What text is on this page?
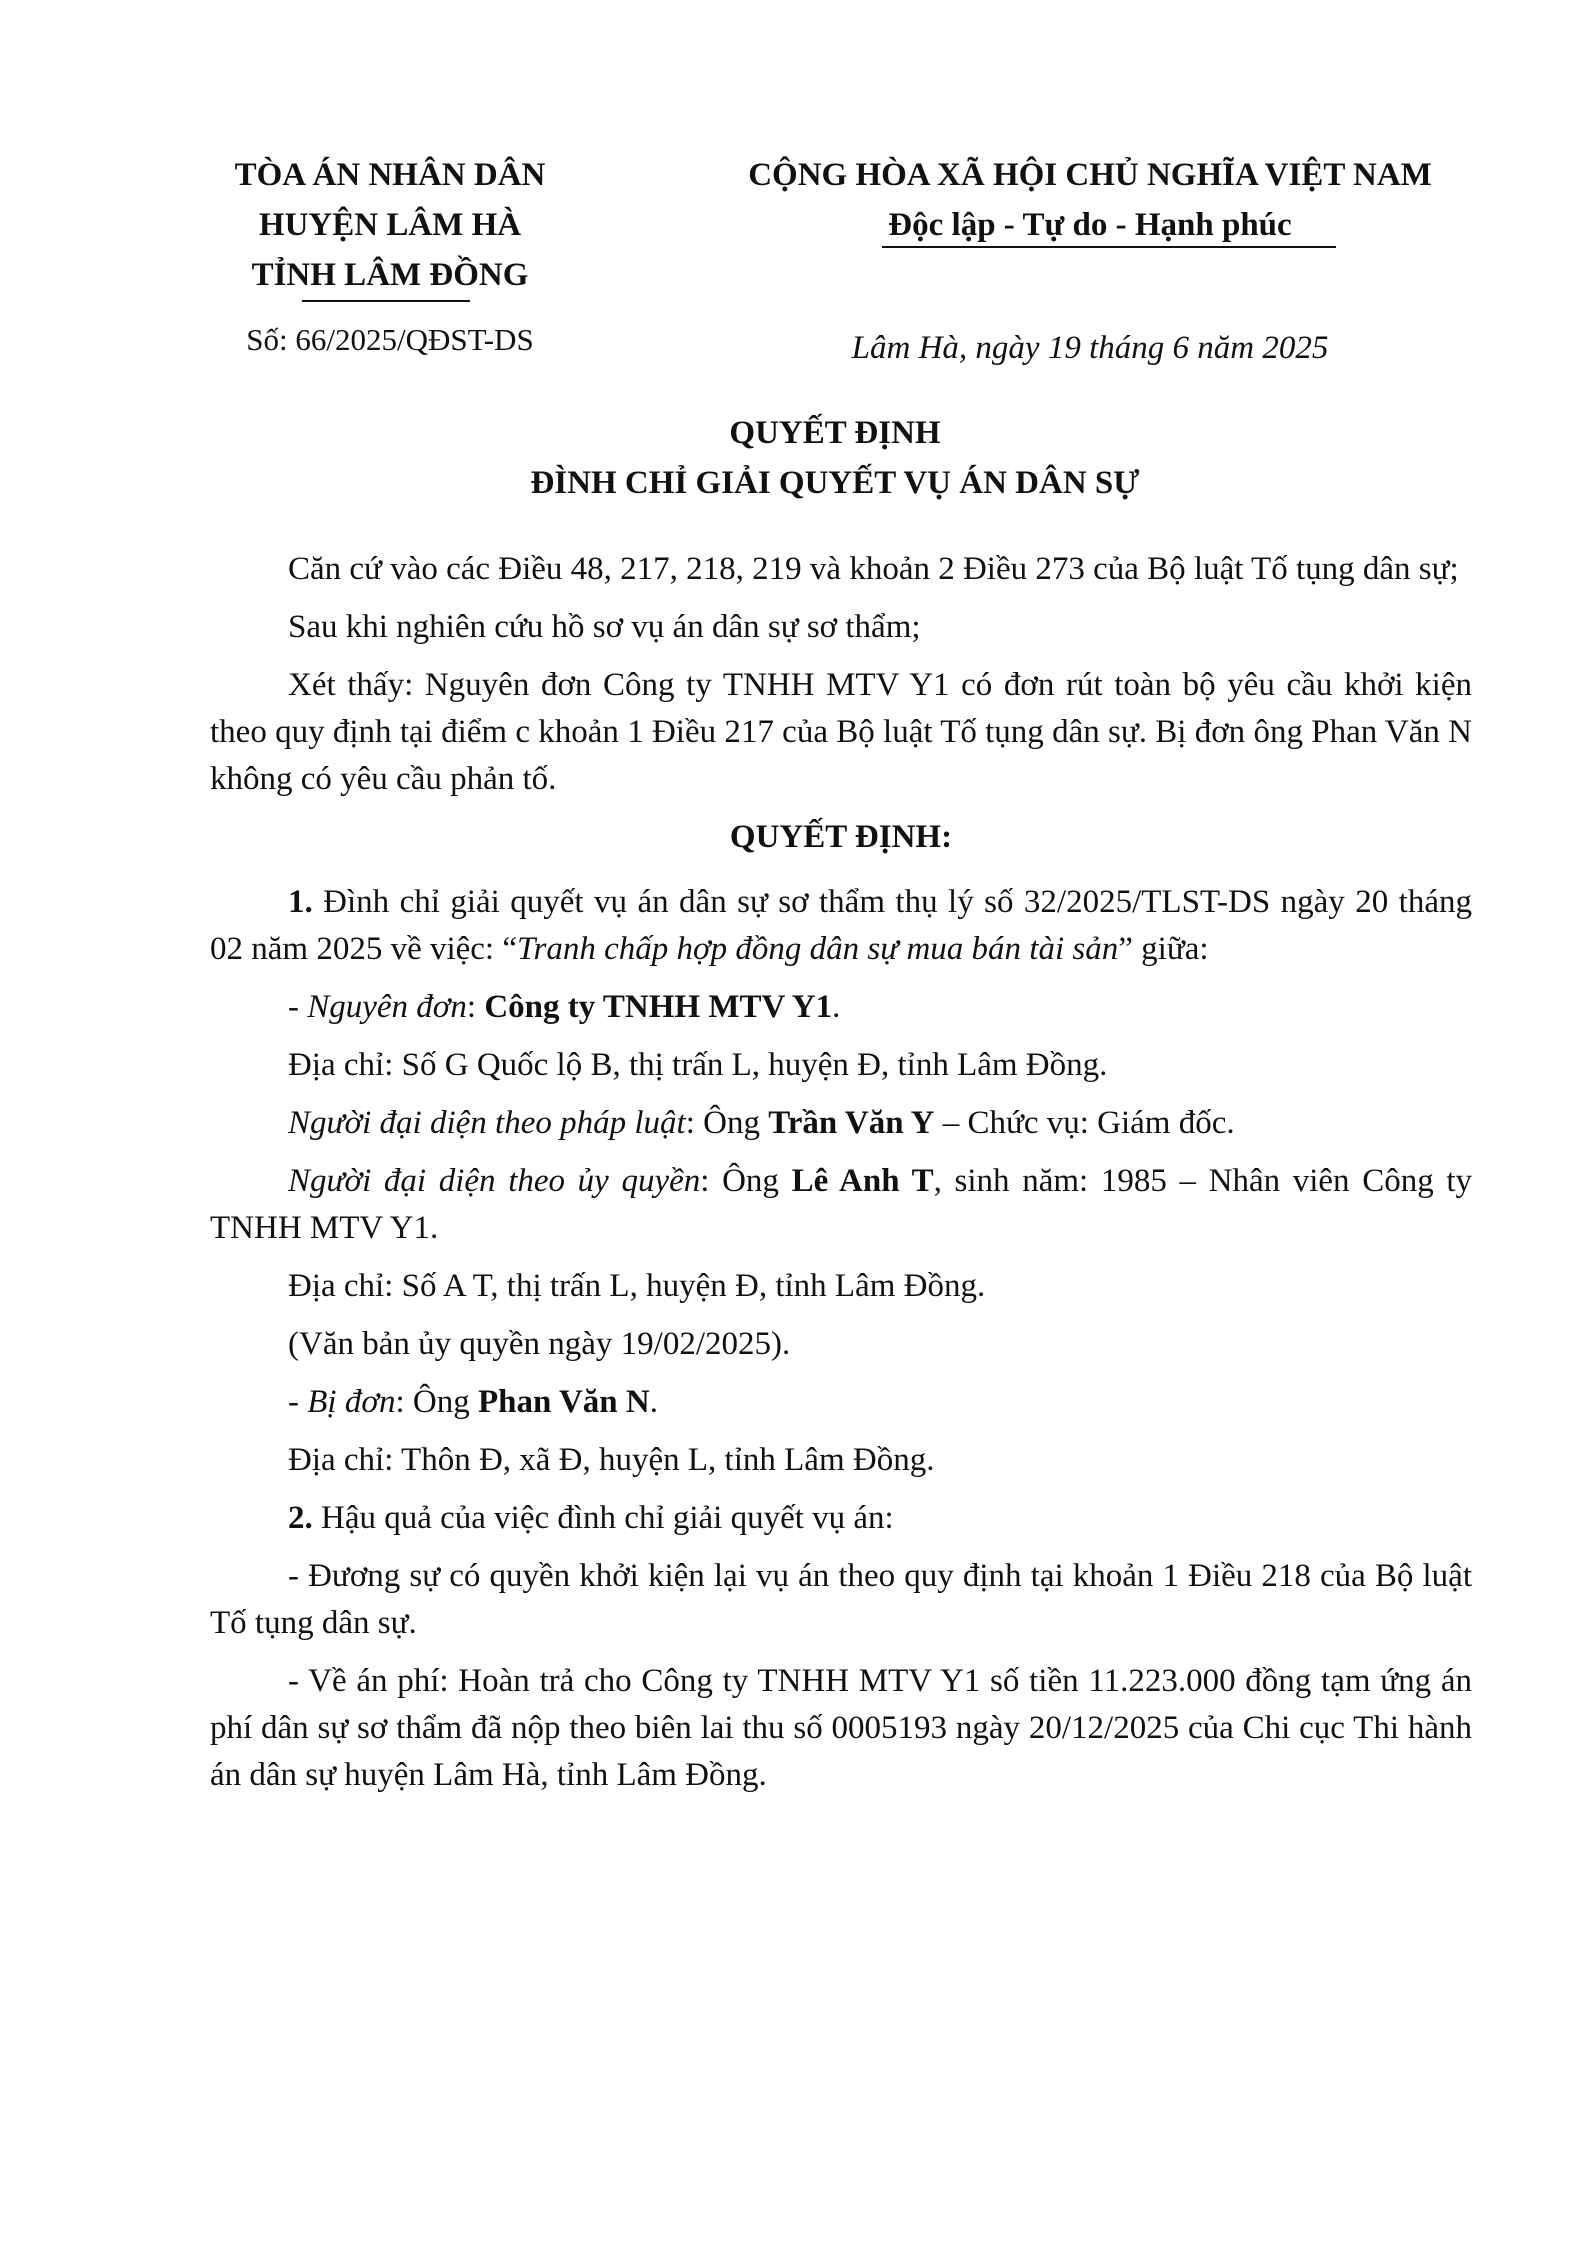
TÒA ÁN NHÂN DÂN
HUYỆN LÂM HÀ
TỈNH LÂM ĐỒNG
Số: 66/2025/QĐST-DS
CỘNG HÒA XÃ HỘI CHỦ NGHĨA VIỆT NAM
Độc lập - Tự do - Hạnh phúc
Lâm Hà, ngày 19 tháng 6 năm 2025
QUYẾT ĐỊNH
ĐÌNH CHỈ GIẢI QUYẾT VỤ ÁN DÂN SỰ

Căn cứ vào các Điều 48, 217, 218, 219 và khoản 2 Điều 273 của Bộ luật Tố tụng dân sự;

Sau khi nghiên cứu hồ sơ vụ án dân sự sơ thẩm;

Xét thấy: Nguyên đơn Công ty TNHH MTV Y1 có đơn rút toàn bộ yêu cầu khởi kiện theo quy định tại điểm c khoản 1 Điều 217 của Bộ luật Tố tụng dân sự. Bị đơn ông Phan Văn N không có yêu cầu phản tố.

QUYẾT ĐỊNH:

1. Đình chỉ giải quyết vụ án dân sự sơ thẩm thụ lý số 32/2025/TLST-DS ngày 20 tháng 02 năm 2025 về việc: “Tranh chấp hợp đồng dân sự mua bán tài sản” giữa:

- Nguyên đơn: Công ty TNHH MTV Y1.

Địa chỉ: Số G Quốc lộ B, thị trấn L, huyện Đ, tỉnh Lâm Đồng.

Người đại diện theo pháp luật: Ông Trần Văn Y – Chức vụ: Giám đốc.

Người đại diện theo ủy quyền: Ông Lê Anh T, sinh năm: 1985 – Nhân viên Công ty TNHH MTV Y1.

Địa chỉ: Số A T, thị trấn L, huyện Đ, tỉnh Lâm Đồng.

(Văn bản ủy quyền ngày 19/02/2025).

- Bị đơn: Ông Phan Văn N.

Địa chỉ: Thôn Đ, xã Đ, huyện L, tỉnh Lâm Đồng.

2. Hậu quả của việc đình chỉ giải quyết vụ án:

- Đương sự có quyền khởi kiện lại vụ án theo quy định tại khoản 1 Điều 218 của Bộ luật Tố tụng dân sự.

- Về án phí: Hoàn trả cho Công ty TNHH MTV Y1 số tiền 11.223.000 đồng tạm ứng án phí dân sự sơ thẩm đã nộp theo biên lai thu số 0005193 ngày 20/12/2025 của Chi cục Thi hành án dân sự huyện Lâm Hà, tỉnh Lâm Đồng.
